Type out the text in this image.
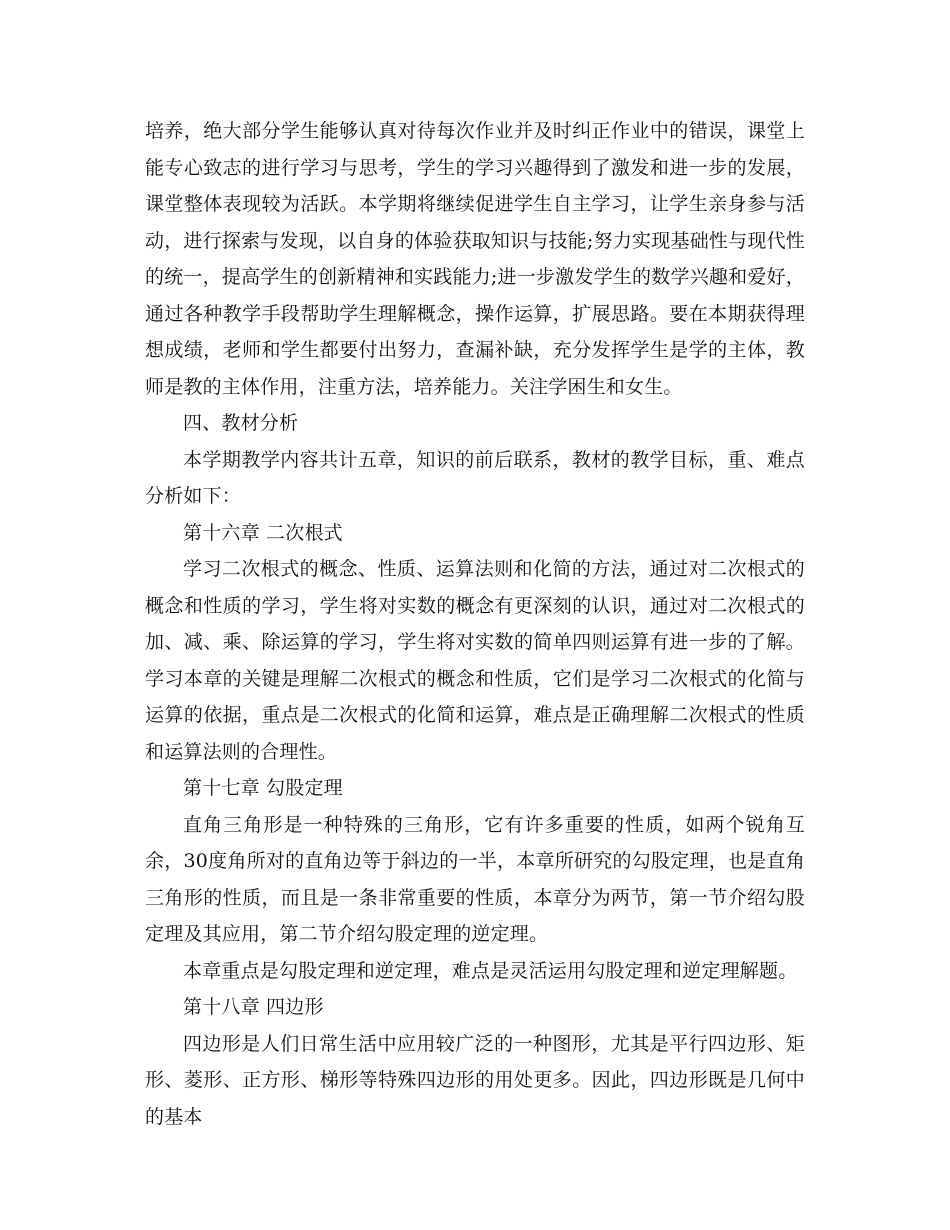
培养，绝大部分学生能够认真对待每次作业并及时纠正作业中的错误，课堂上能专心致志的进行学习与思考，学生的学习兴趣得到了激发和进一步的发展，课堂整体表现较为活跃。本学期将继续促进学生自主学习，让学生亲身参与活动，进行探索与发现，以自身的体验获取知识与技能;努力实现基础性与现代性的统一，提高学生的创新精神和实践能力;进一步激发学生的数学兴趣和爱好，通过各种教学手段帮助学生理解概念，操作运算，扩展思路。要在本期获得理想成绩，老师和学生都要付出努力，查漏补缺，充分发挥学生是学的主体，教师是教的主体作用，注重方法，培养能力。关注学困生和女生。

四、教材分析

本学期教学内容共计五章，知识的前后联系，教材的教学目标，重、难点分析如下：

第十六章 二次根式

学习二次根式的概念、性质、运算法则和化简的方法，通过对二次根式的概念和性质的学习，学生将对实数的概念有更深刻的认识，通过对二次根式的加、减、乘、除运算的学习，学生将对实数的简单四则运算有进一步的了解。学习本章的关键是理解二次根式的概念和性质，它们是学习二次根式的化简与运算的依据，重点是二次根式的化简和运算，难点是正确理解二次根式的性质和运算法则的合理性。

第十七章 勾股定理

直角三角形是一种特殊的三角形，它有许多重要的性质，如两个锐角互余，30度角所对的直角边等于斜边的一半，本章所研究的勾股定理，也是直角三角形的性质，而且是一条非常重要的性质，本章分为两节，第一节介绍勾股定理及其应用，第二节介绍勾股定理的逆定理。

本章重点是勾股定理和逆定理，难点是灵活运用勾股定理和逆定理解题。

第十八章 四边形

四边形是人们日常生活中应用较广泛的一种图形，尤其是平行四边形、矩形、菱形、正方形、梯形等特殊四边形的用处更多。因此，四边形既是几何中的基本
